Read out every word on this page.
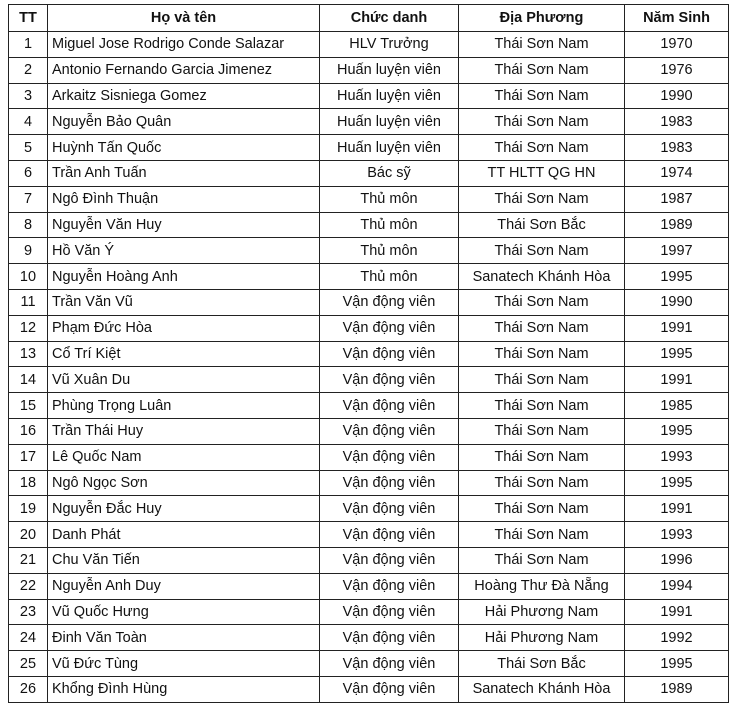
TT	Họ và tên	Chức danh	Địa Phương	Năm Sinh
1	Miguel Jose Rodrigo Conde Salazar	HLV Trưởng	Thái Sơn Nam	1970
2	Antonio Fernando Garcia Jimenez	Huấn luyện viên	Thái Sơn Nam	1976
3	Arkaitz Sisniega Gomez	Huấn luyện viên	Thái Sơn Nam	1990
4	Nguyễn Bảo Quân	Huấn luyện viên	Thái Sơn Nam	1983
5	Huỳnh Tấn Quốc	Huấn luyện viên	Thái Sơn Nam	1983
6	Trần Anh Tuấn	Bác sỹ	TT HLTT QG HN	1974
7	Ngô Đình Thuận	Thủ môn	Thái Sơn Nam	1987
8	Nguyễn Văn Huy	Thủ môn	Thái Sơn Bắc	1989
9	Hồ Văn Ý	Thủ môn	Thái Sơn Nam	1997
10	Nguyễn Hoàng Anh	Thủ môn	Sanatech Khánh Hòa	1995
11	Trần Văn Vũ	Vận động viên	Thái Sơn Nam	1990
12	Phạm Đức Hòa	Vận động viên	Thái Sơn Nam	1991
13	Cổ Trí Kiệt	Vận động viên	Thái Sơn Nam	1995
14	Vũ Xuân Du	Vận động viên	Thái Sơn Nam	1991
15	Phùng Trọng Luân	Vận động viên	Thái Sơn Nam	1985
16	Trần Thái Huy	Vận động viên	Thái Sơn Nam	1995
17	Lê Quốc Nam	Vận động viên	Thái Sơn Nam	1993
18	Ngô Ngọc Sơn	Vận động viên	Thái Sơn Nam	1995
19	Nguyễn Đắc Huy	Vận động viên	Thái Sơn Nam	1991
20	Danh Phát	Vận động viên	Thái Sơn Nam	1993
21	Chu Văn Tiến	Vận động viên	Thái Sơn Nam	1996
22	Nguyễn Anh Duy	Vận động viên	Hoàng Thư Đà Nẵng	1994
23	Vũ Quốc Hưng	Vận động viên	Hải Phương Nam	1991
24	Đinh Văn Toàn	Vận động viên	Hải Phương Nam	1992
25	Vũ Đức Tùng	Vận động viên	Thái Sơn Bắc	1995
26	Khổng Đình Hùng	Vận động viên	Sanatech Khánh Hòa	1989
